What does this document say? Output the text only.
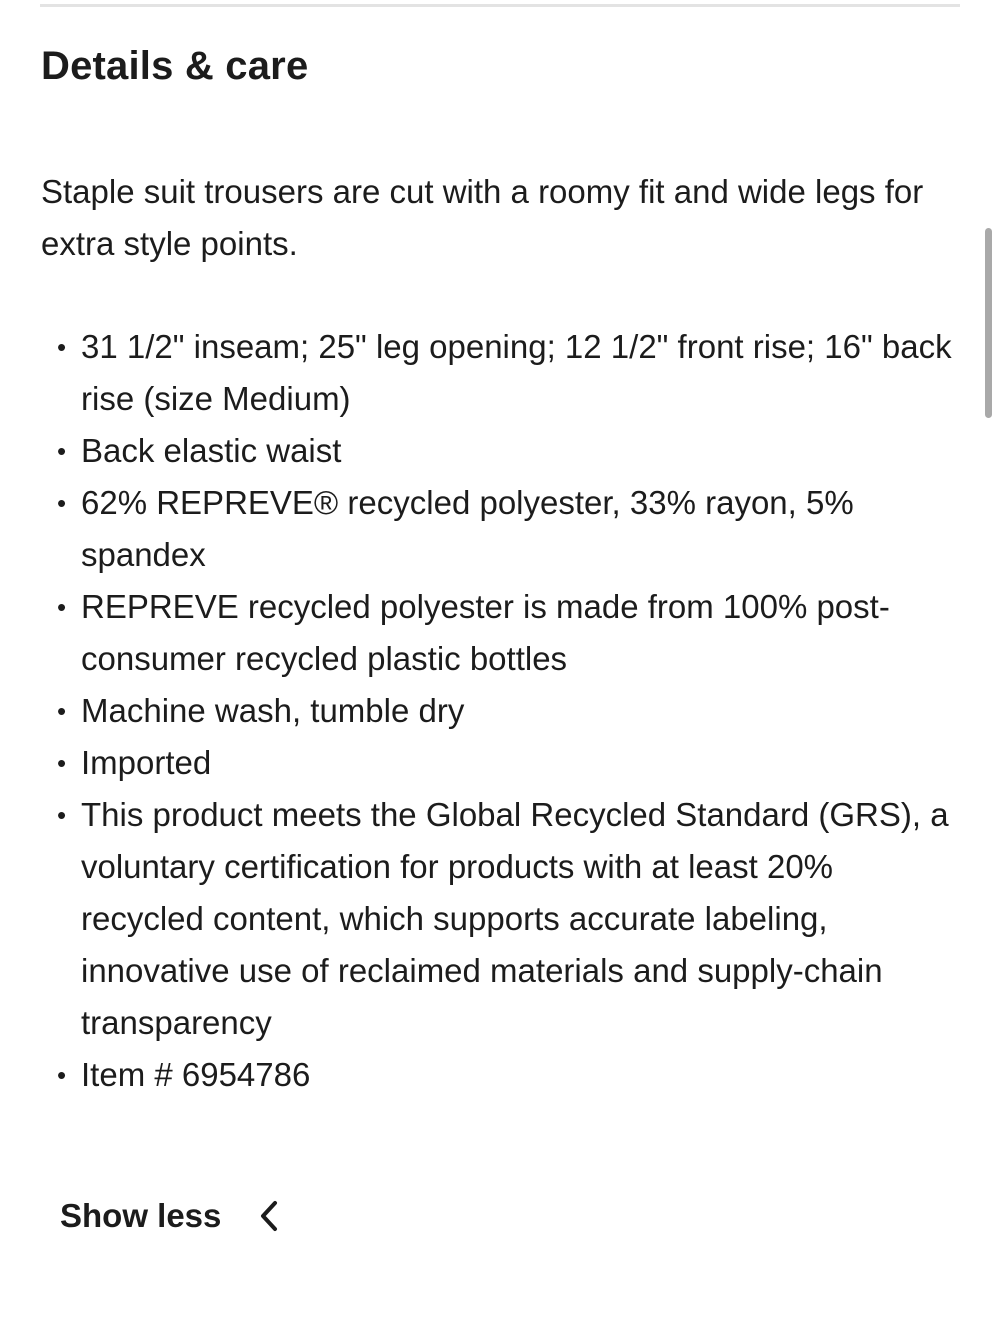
Details & care

Staple suit trousers are cut with a roomy fit and wide legs for extra style points.

• 31 1/2" inseam; 25" leg opening; 12 1/2" front rise; 16" back rise (size Medium)
• Back elastic waist
• 62% REPREVE® recycled polyester, 33% rayon, 5% spandex
• REPREVE recycled polyester is made from 100% post-consumer recycled plastic bottles
• Machine wash, tumble dry
• Imported
• This product meets the Global Recycled Standard (GRS), a voluntary certification for products with at least 20% recycled content, which supports accurate labeling, innovative use of reclaimed materials and supply-chain transparency
• Item # 6954786
Show less
